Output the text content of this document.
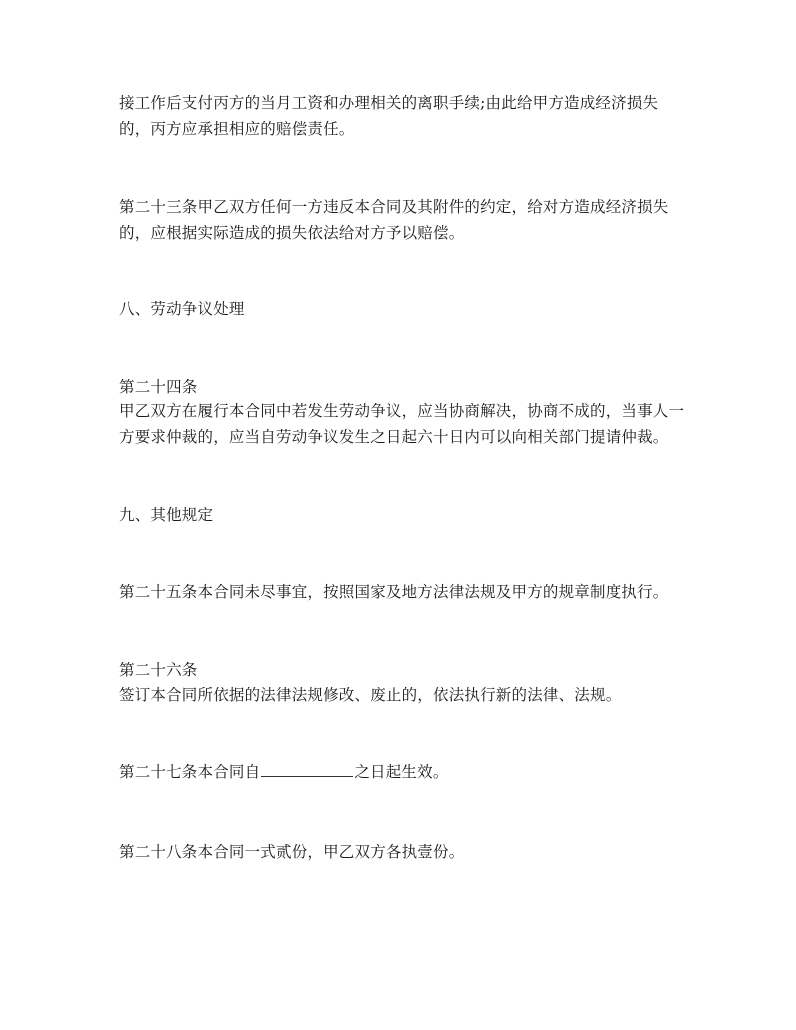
接工作后支付丙方的当月工资和办理相关的离职手续;由此给甲方造成经济损失
的，丙方应承担相应的赔偿责任。
第二十三条甲乙双方任何一方违反本合同及其附件的约定，给对方造成经济损失
的，应根据实际造成的损失依法给对方予以赔偿。
八、劳动争议处理
第二十四条
甲乙双方在履行本合同中若发生劳动争议，应当协商解决，协商不成的，当事人一
方要求仲裁的，应当自劳动争议发生之日起六十日内可以向相关部门提请仲裁。
九、其他规定
第二十五条本合同未尽事宜，按照国家及地方法律法规及甲方的规章制度执行。
第二十六条
签订本合同所依据的法律法规修改、废止的，依法执行新的法律、法规。
第二十七条本合同自	之日起生效。
第二十八条本合同一式贰份，甲乙双方各执壹份。
